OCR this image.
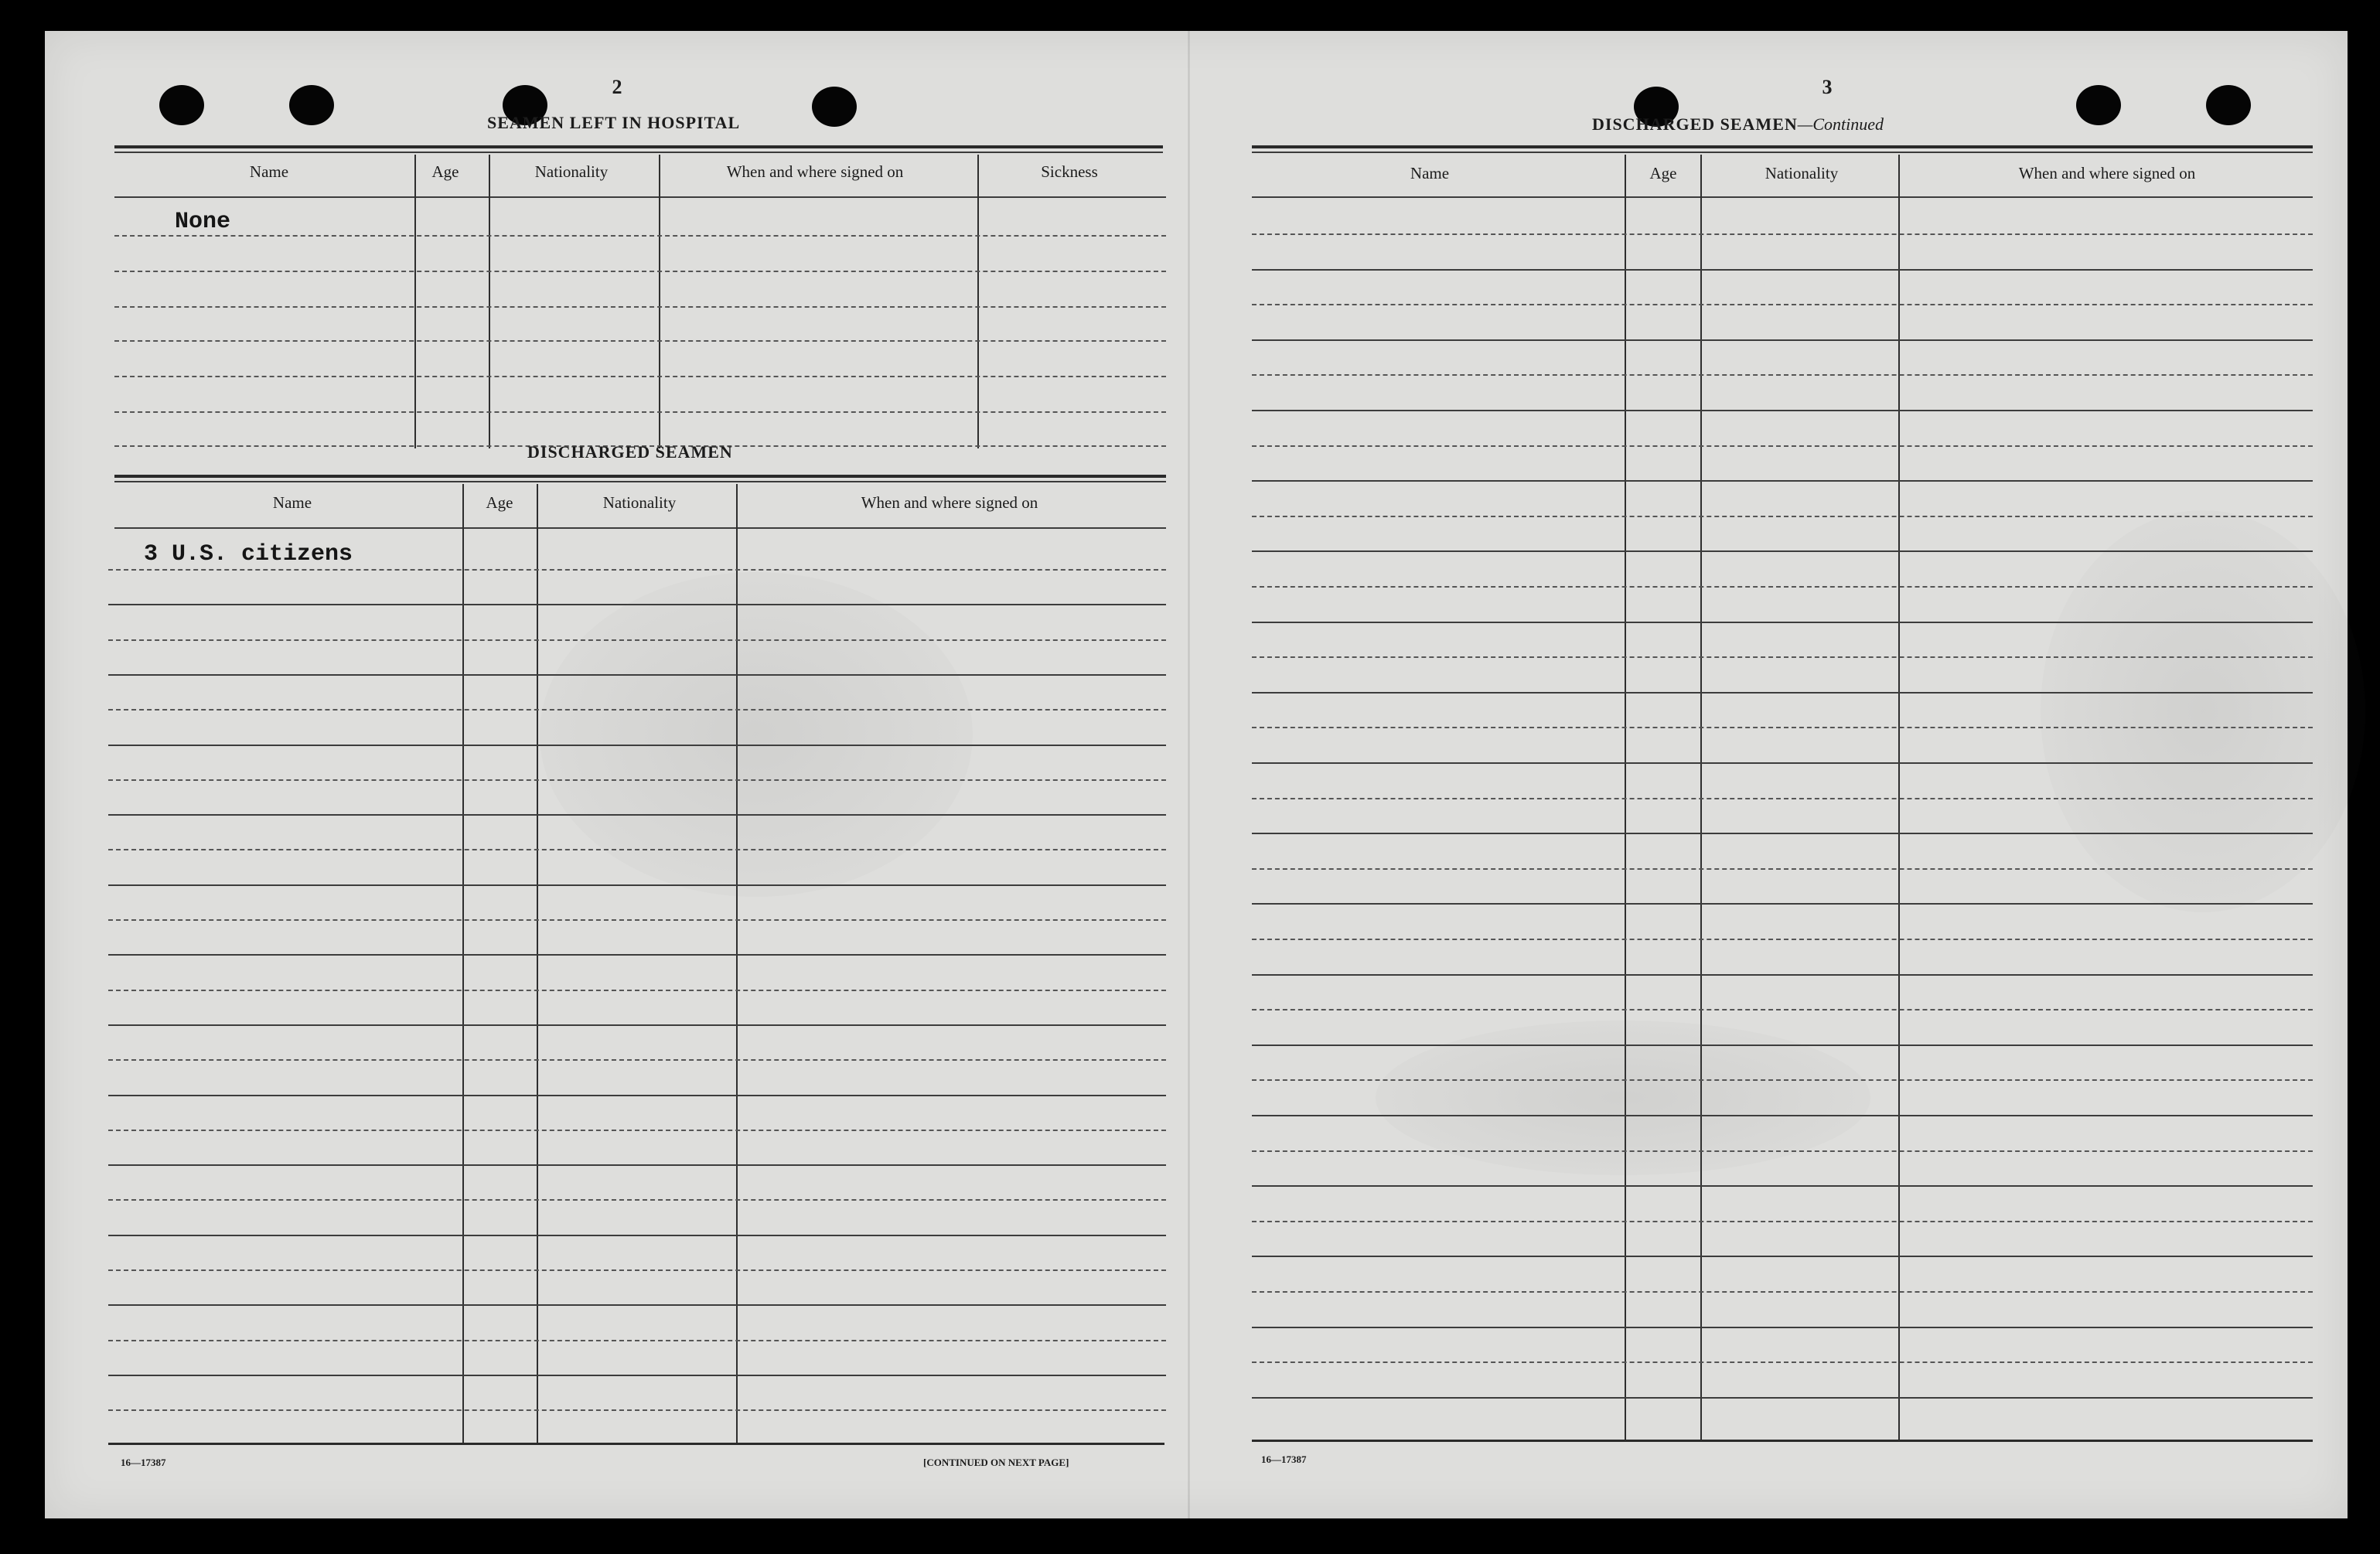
2
SEAMEN LEFT IN HOSPITAL
Name	Age	Nationality	When and where signed on	Sickness
None
DISCHARGED SEAMEN
Name	Age	Nationality	When and where signed on
3 U.S. citizens
16—17387	[CONTINUED ON NEXT PAGE]
3
DISCHARGED SEAMEN—Continued
Name	Age	Nationality	When and where signed on
16—17387
